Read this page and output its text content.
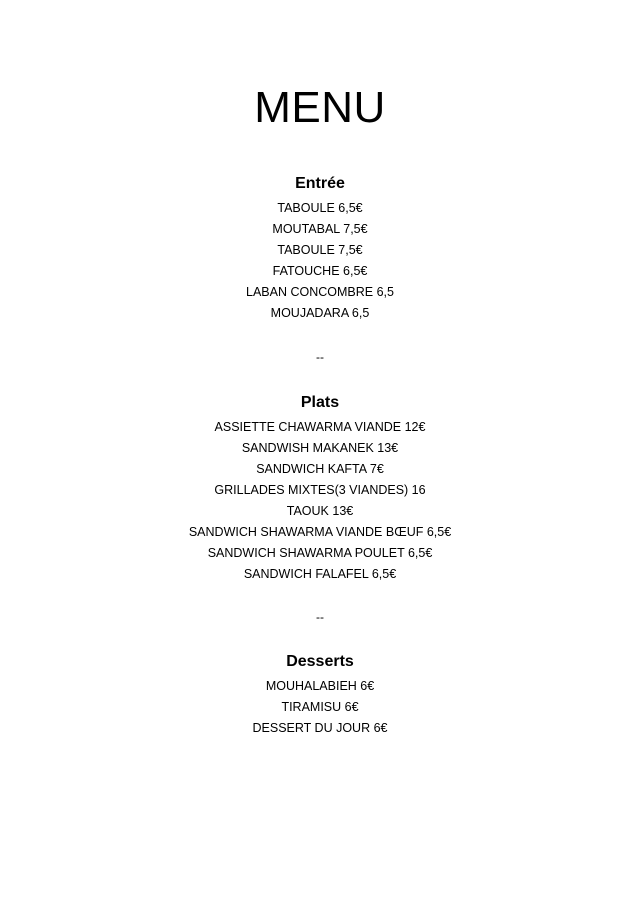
MENU
Entrée
TABOULE 6,5€
MOUTABAL 7,5€
TABOULE 7,5€
FATOUCHE 6,5€
LABAN CONCOMBRE 6,5
MOUJADARA 6,5
--
Plats
ASSIETTE CHAWARMA VIANDE 12€
SANDWISH MAKANEK 13€
SANDWICH KAFTA 7€
GRILLADES MIXTES(3 VIANDES) 16
TAOUK 13€
SANDWICH SHAWARMA VIANDE BŒUF 6,5€
SANDWICH SHAWARMA POULET 6,5€
SANDWICH FALAFEL 6,5€
--
Desserts
MOUHALABIEH 6€
TIRAMISU 6€
DESSERT DU JOUR 6€
